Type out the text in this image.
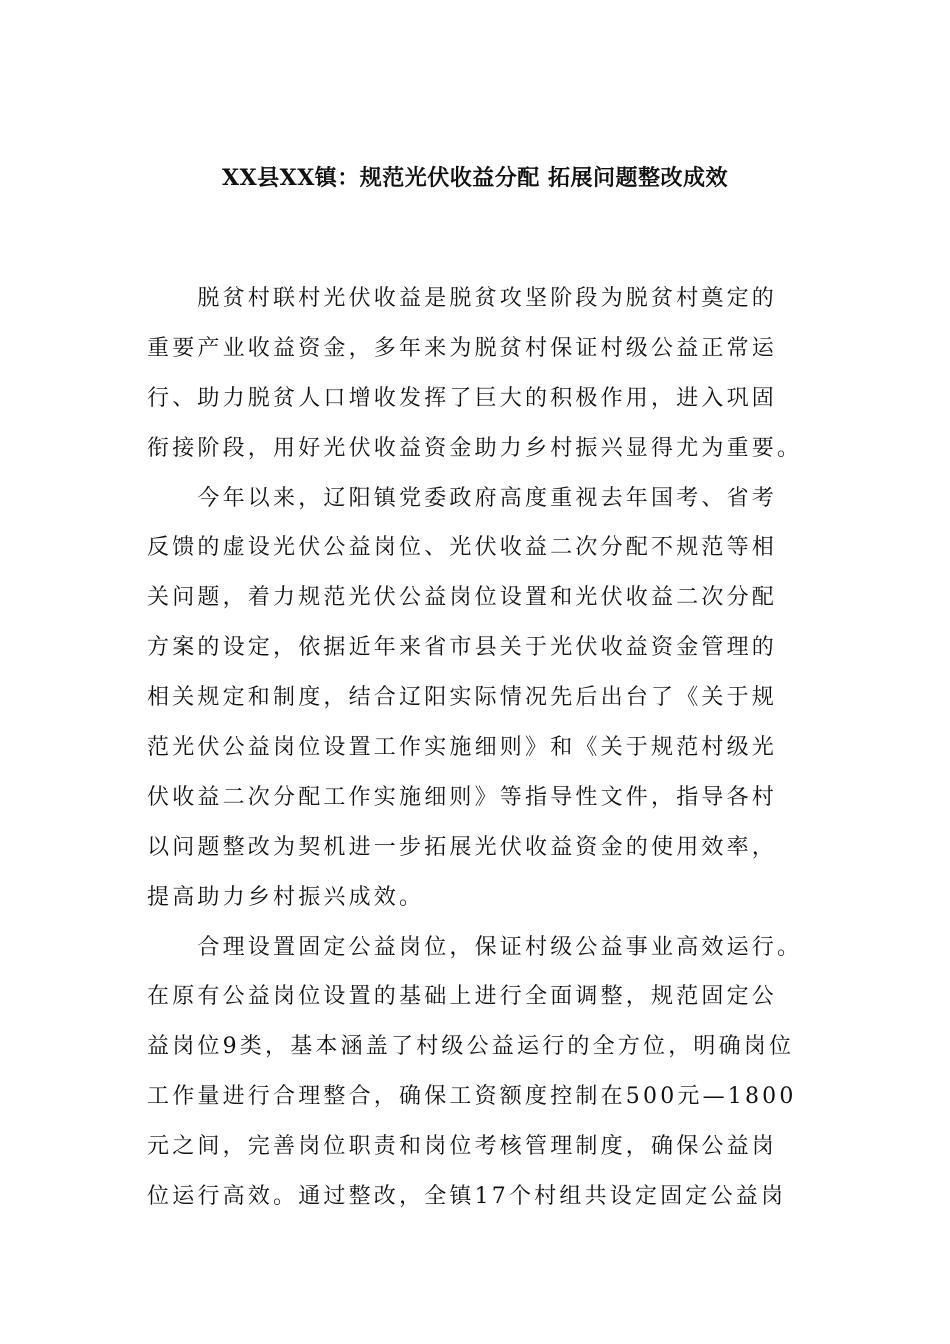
XX县XX镇：规范光伏收益分配 拓展问题整改成效
　　脱贫村联村光伏收益是脱贫攻坚阶段为脱贫村奠定的
重要产业收益资金，多年来为脱贫村保证村级公益正常运
行、助力脱贫人口增收发挥了巨大的积极作用，进入巩固
衔接阶段，用好光伏收益资金助力乡村振兴显得尤为重要。
　　今年以来，辽阳镇党委政府高度重视去年国考、省考
反馈的虚设光伏公益岗位、光伏收益二次分配不规范等相
关问题，着力规范光伏公益岗位设置和光伏收益二次分配
方案的设定，依据近年来省市县关于光伏收益资金管理的
相关规定和制度，结合辽阳实际情况先后出台了《关于规
范光伏公益岗位设置工作实施细则》和《关于规范村级光
伏收益二次分配工作实施细则》等指导性文件，指导各村
以问题整改为契机进一步拓展光伏收益资金的使用效率，
提高助力乡村振兴成效。
　　合理设置固定公益岗位，保证村级公益事业高效运行。
在原有公益岗位设置的基础上进行全面调整，规范固定公
益岗位9类，基本涵盖了村级公益运行的全方位，明确岗位
工作量进行合理整合，确保工资额度控制在500元—1800
元之间，完善岗位职责和岗位考核管理制度，确保公益岗
位运行高效。通过整改，全镇17个村组共设定固定公益岗
